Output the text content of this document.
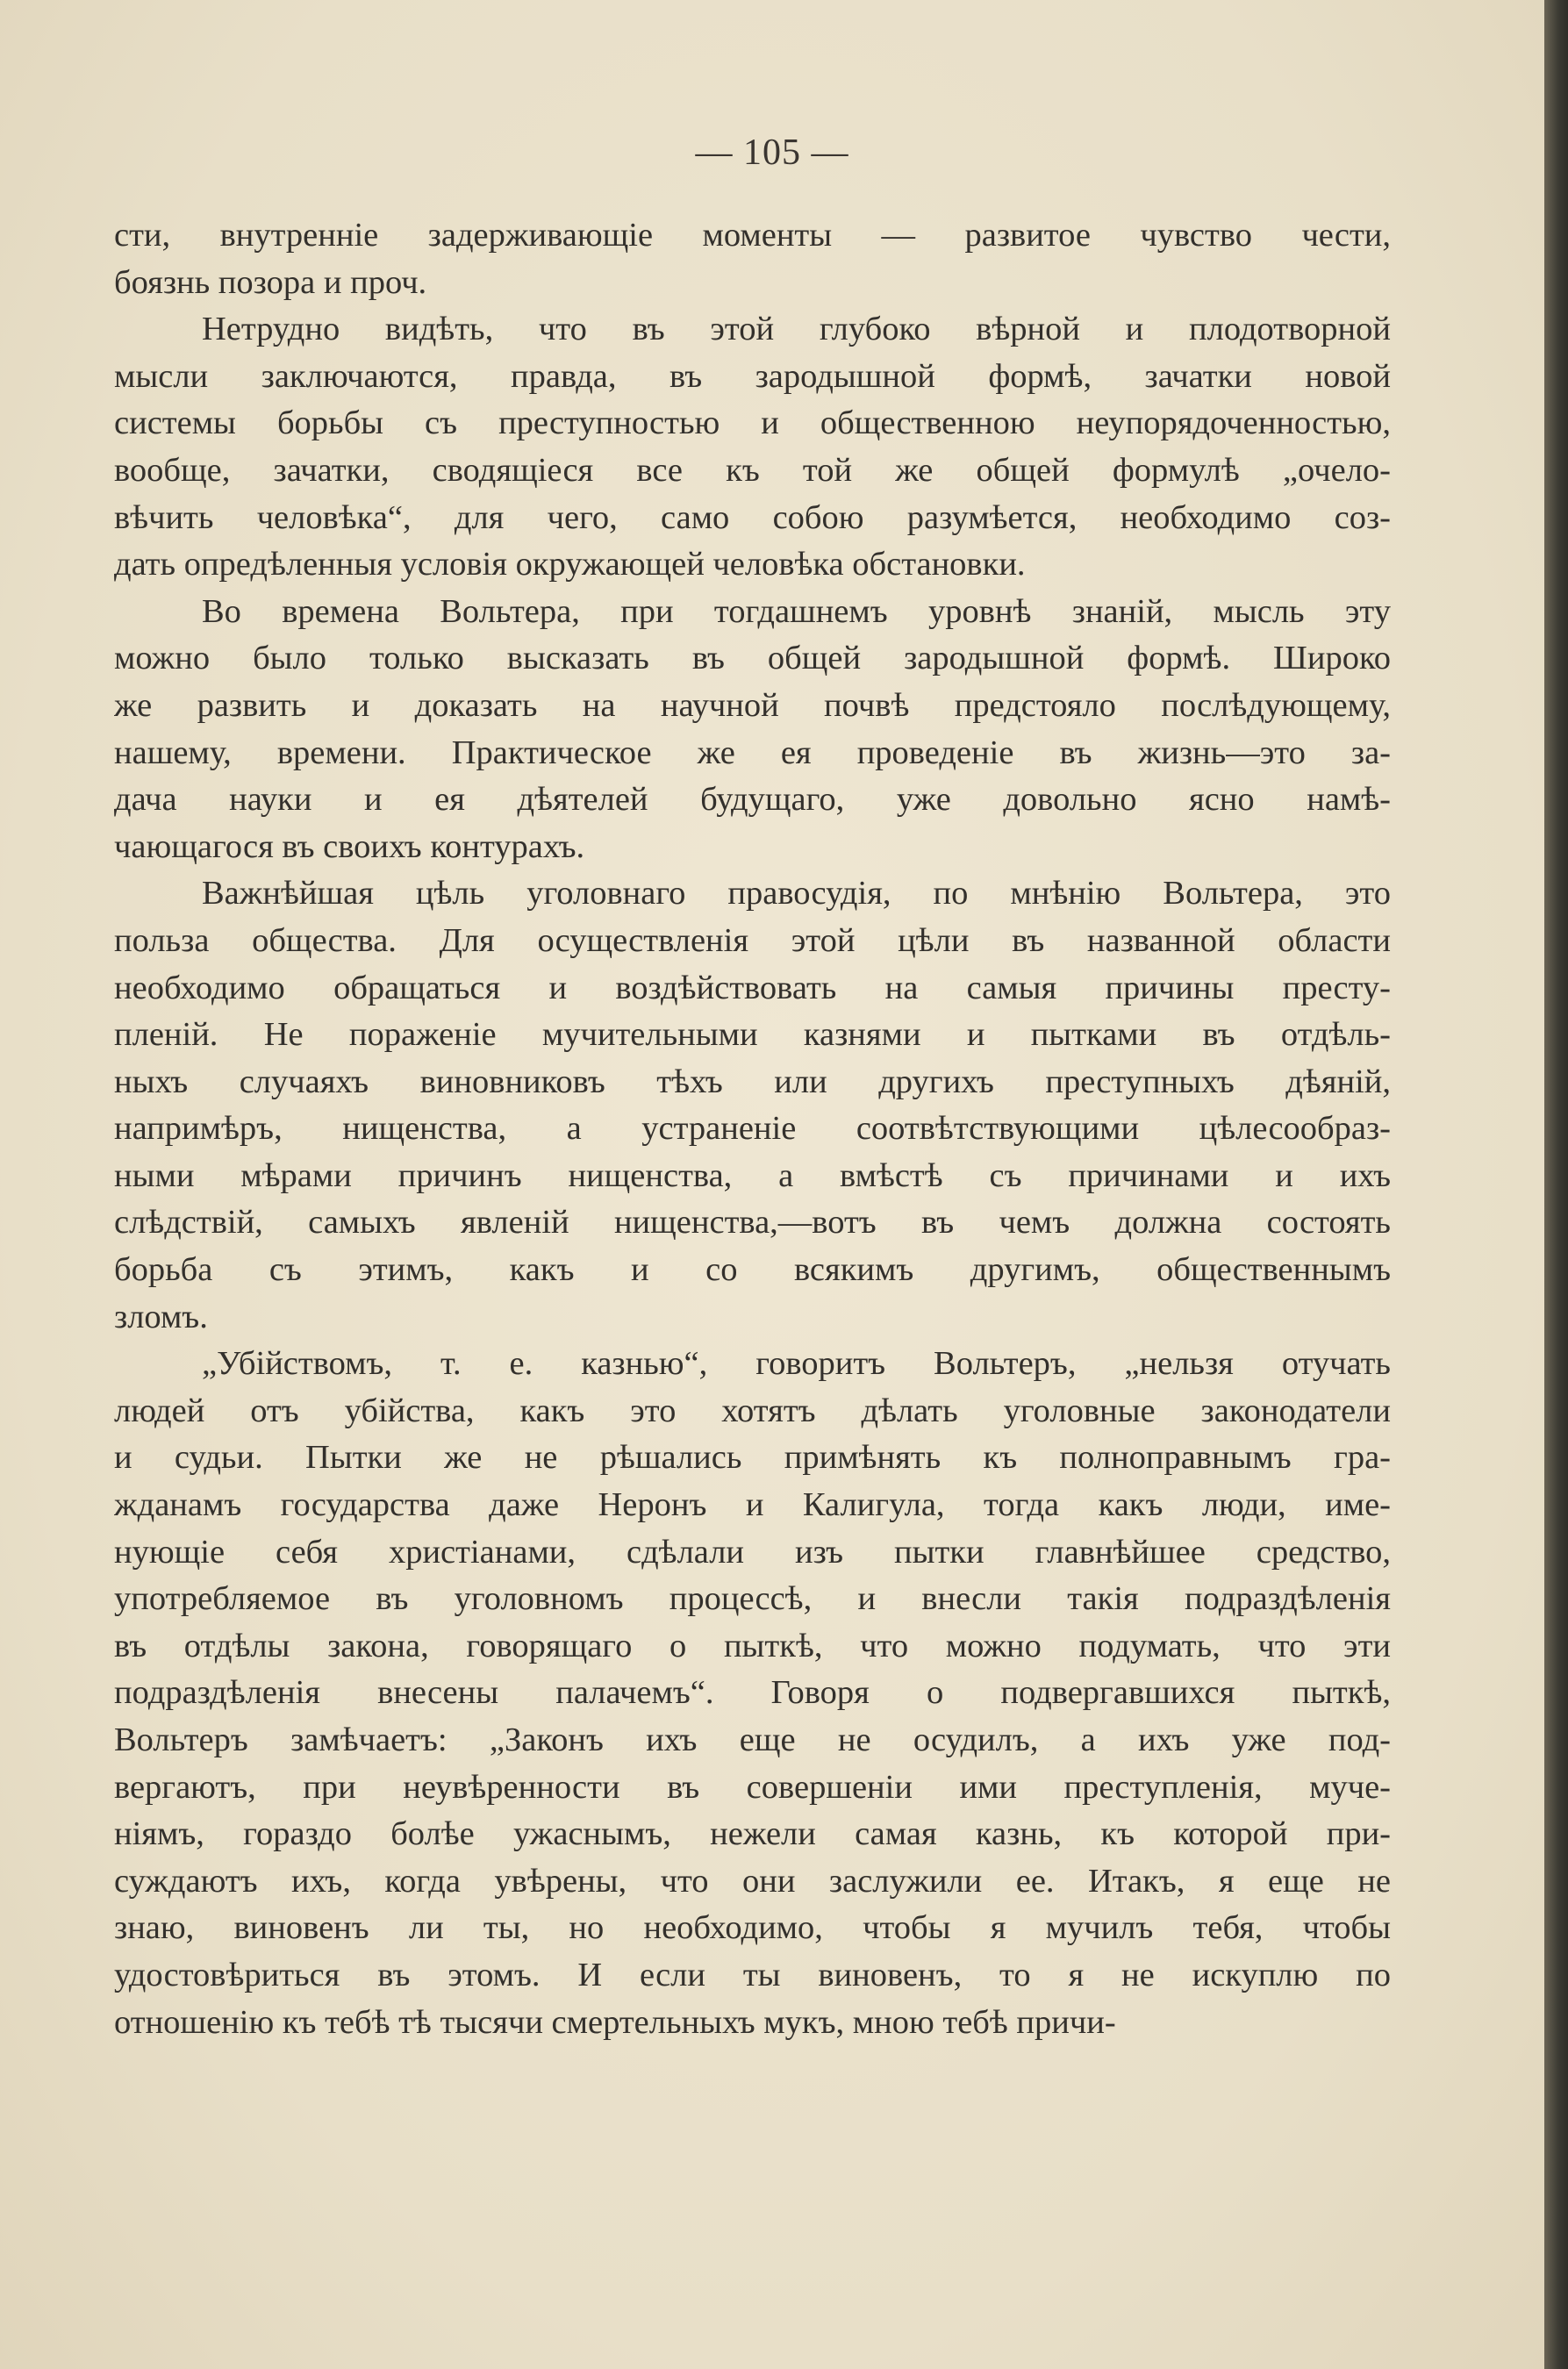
— 105 —
сти, внутренніе задерживающіе моменты — развитое чувство чести,
боязнь позора и проч.
Нетрудно видѣть, что въ этой глубоко вѣрной и плодотворной
мысли заключаются, правда, въ зародышной формѣ, зачатки новой
системы борьбы съ преступностью и общественною неупорядоченностью,
вообще, зачатки, сводящіеся все къ той же общей формулѣ „очело-
вѣчить человѣка“, для чего, само собою разумѣется, необходимо соз-
дать опредѣленныя условія окружающей человѣка обстановки.
Во времена Вольтера, при тогдашнемъ уровнѣ знаній, мысль эту
можно было только высказать въ общей зародышной формѣ. Широко
же развить и доказать на научной почвѣ предстояло послѣдующему,
нашему, времени. Практическое же ея проведеніе въ жизнь—это за-
дача науки и ея дѣятелей будущаго, уже довольно ясно намѣ-
чающагося въ своихъ контурахъ.
Важнѣйшая цѣль уголовнаго правосудія, по мнѣнію Вольтера, это
польза общества. Для осуществленія этой цѣли въ названной области
необходимо обращаться и воздѣйствовать на самыя причины престу-
пленій. Не пораженіе мучительными казнями и пытками въ отдѣль-
ныхъ случаяхъ виновниковъ тѣхъ или другихъ преступныхъ дѣяній,
напримѣръ, нищенства, а устраненіе соотвѣтствующими цѣлесообраз-
ными мѣрами причинъ нищенства, а вмѣстѣ съ причинами и ихъ
слѣдствій, самыхъ явленій нищенства,—вотъ въ чемъ должна состоять
борьба съ этимъ, какъ и со всякимъ другимъ, общественнымъ
зломъ.
„Убійствомъ, т. е. казнью“, говоритъ Вольтеръ, „нельзя отучать
людей отъ убійства, какъ это хотятъ дѣлать уголовные законодатели
и судьи. Пытки же не рѣшались примѣнять къ полноправнымъ гра-
жданамъ государства даже Неронъ и Калигула, тогда какъ люди, име-
нующіе себя христіанами, сдѣлали изъ пытки главнѣйшее средство,
употребляемое въ уголовномъ процессѣ, и внесли такія подраздѣленія
въ отдѣлы закона, говорящаго о пыткѣ, что можно подумать, что эти
подраздѣленія внесены палачемъ“. Говоря о подвергавшихся пыткѣ,
Вольтеръ замѣчаетъ: „Законъ ихъ еще не осудилъ, а ихъ уже под-
вергаютъ, при неувѣренности въ совершеніи ими преступленія, муче-
ніямъ, гораздо болѣе ужаснымъ, нежели самая казнь, къ которой при-
суждаютъ ихъ, когда увѣрены, что они заслужили ее. Итакъ, я еще не
знаю, виновенъ ли ты, но необходимо, чтобы я мучилъ тебя, чтобы
удостовѣриться въ этомъ. И если ты виновенъ, то я не искуплю по
отношенію къ тебѣ тѣ тысячи смертельныхъ мукъ, мною тебѣ причи-
